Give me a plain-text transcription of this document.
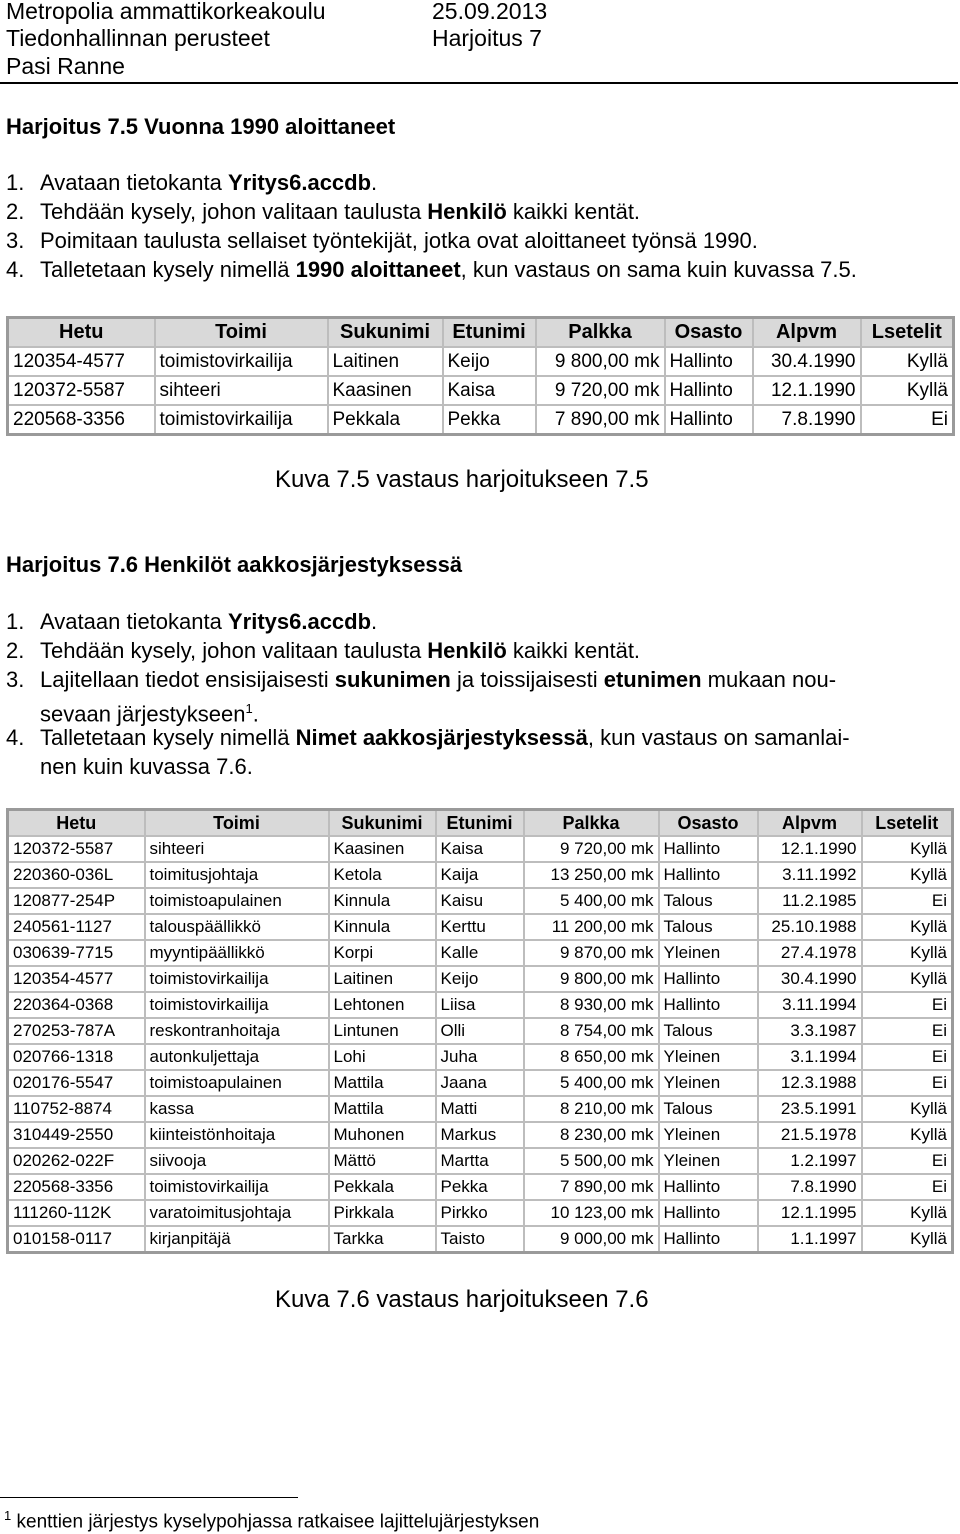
Metropolia ammattikorkeakoulu	25.09.2013
Tiedonhallinnan perusteet	Harjoitus 7
Pasi Ranne
Harjoitus 7.5 Vuonna 1990 aloittaneet
1. Avataan tietokanta Yritys6.accdb.
2. Tehdään kysely, johon valitaan taulusta Henkilö kaikki kentät.
3. Poimitaan taulusta sellaiset työntekijät, jotka ovat aloittaneet työnsä 1990.
4. Talletetaan kysely nimellä 1990 aloittaneet, kun vastaus on sama kuin kuvassa 7.5.
Hetu	Toimi	Sukunimi	Etunimi	Palkka	Osasto	Alpvm	Lsetelit
120354-4577	toimistovirkailija	Laitinen	Keijo	9 800,00 mk	Hallinto	30.4.1990	Kyllä
120372-5587	sihteeri	Kaasinen	Kaisa	9 720,00 mk	Hallinto	12.1.1990	Kyllä
220568-3356	toimistovirkailija	Pekkala	Pekka	7 890,00 mk	Hallinto	7.8.1990	Ei
Kuva 7.5 vastaus harjoitukseen 7.5
Harjoitus 7.6 Henkilöt aakkosjärjestyksessä
1. Avataan tietokanta Yritys6.accdb.
2. Tehdään kysely, johon valitaan taulusta Henkilö kaikki kentät.
3. Lajitellaan tiedot ensisijaisesti sukunimen ja toissijaisesti etunimen mukaan nou-
sevaan järjestykseen$^1$.
4. Talletetaan kysely nimellä Nimet aakkosjärjestyksessä, kun vastaus on samanlai-
nen kuin kuvassa 7.6.
Hetu	Toimi	Sukunimi	Etunimi	Palkka	Osasto	Alpvm	Lsetelit
120372-5587	sihteeri	Kaasinen	Kaisa	9 720,00 mk	Hallinto	12.1.1990	Kyllä
220360-036L	toimitusjohtaja	Ketola	Kaija	13 250,00 mk	Hallinto	3.11.1992	Kyllä
120877-254P	toimistoapulainen	Kinnula	Kaisu	5 400,00 mk	Talous	11.2.1985	Ei
240561-1127	talouspäällikkö	Kinnula	Kerttu	11 200,00 mk	Talous	25.10.1988	Kyllä
030639-7715	myyntipäällikkö	Korpi	Kalle	9 870,00 mk	Yleinen	27.4.1978	Kyllä
120354-4577	toimistovirkailija	Laitinen	Keijo	9 800,00 mk	Hallinto	30.4.1990	Kyllä
220364-0368	toimistovirkailija	Lehtonen	Liisa	8 930,00 mk	Hallinto	3.11.1994	Ei
270253-787A	reskontranhoitaja	Lintunen	Olli	8 754,00 mk	Talous	3.3.1987	Ei
020766-1318	autonkuljettaja	Lohi	Juha	8 650,00 mk	Yleinen	3.1.1994	Ei
020176-5547	toimistoapulainen	Mattila	Jaana	5 400,00 mk	Yleinen	12.3.1988	Ei
110752-8874	kassa	Mattila	Matti	8 210,00 mk	Talous	23.5.1991	Kyllä
310449-2550	kiinteistönhoitaja	Muhonen	Markus	8 230,00 mk	Yleinen	21.5.1978	Kyllä
020262-022F	siivooja	Mättö	Martta	5 500,00 mk	Yleinen	1.2.1997	Ei
220568-3356	toimistovirkailija	Pekkala	Pekka	7 890,00 mk	Hallinto	7.8.1990	Ei
111260-112K	varatoimitusjohtaja	Pirkkala	Pirkko	10 123,00 mk	Hallinto	12.1.1995	Kyllä
010158-0117	kirjanpitäjä	Tarkka	Taisto	9 000,00 mk	Hallinto	1.1.1997	Kyllä
Kuva 7.6 vastaus harjoitukseen 7.6
$^1$ kenttien järjestys kyselypohjassa ratkaisee lajittelujärjestyksen
